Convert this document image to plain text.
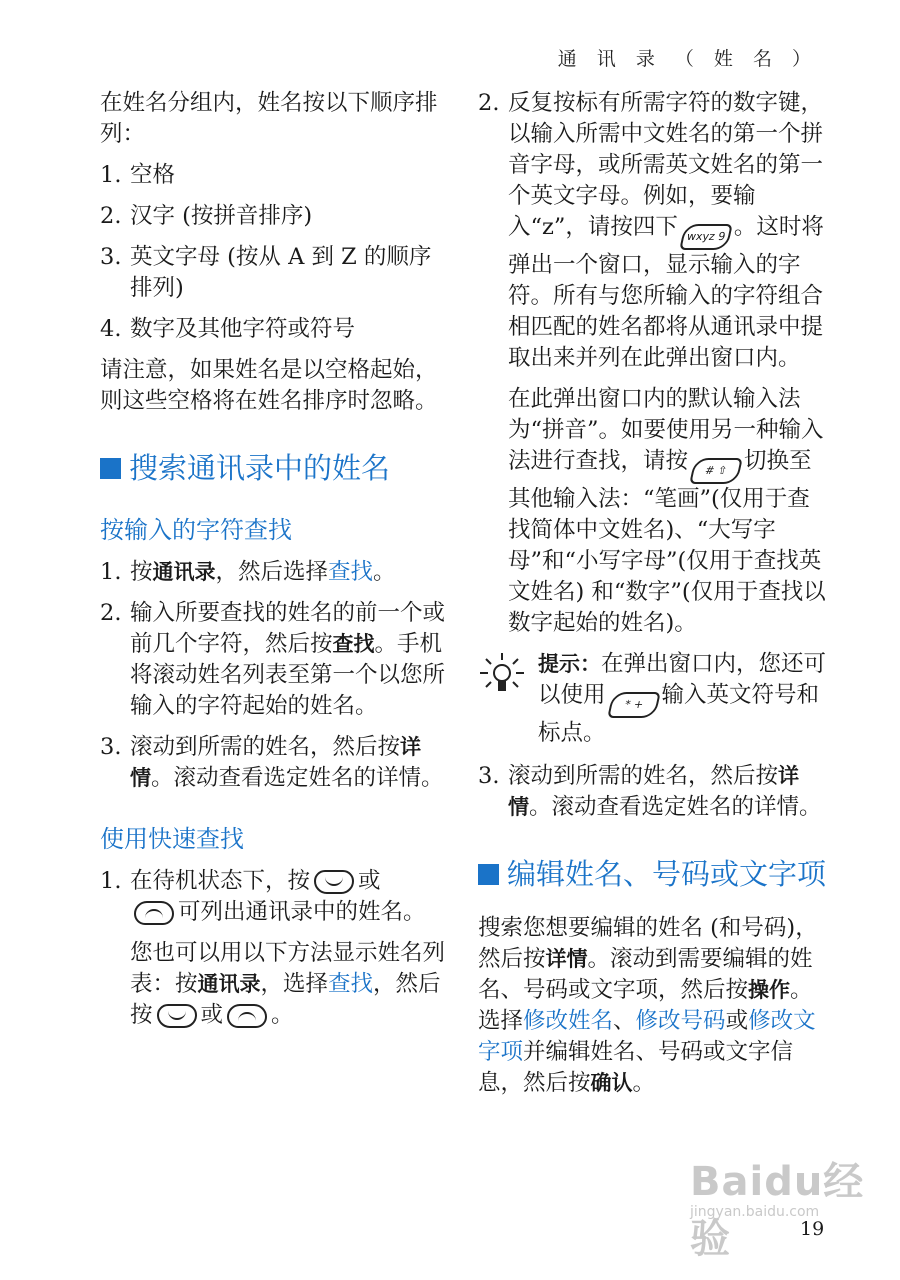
通 讯 录 （ 姓 名 ）

在姓名分组内，姓名按以下顺序排列：

1. 空格
2. 汉字 (按拼音排序)
3. 英文字母 (按从 A 到 Z 的顺序排列)
4. 数字及其他字符或符号

请注意，如果姓名是以空格起始，则这些空格将在姓名排序时忽略。

搜索通讯录中的姓名
按输入的字符查找
1. 按通讯录，然后选择查找。
2. 输入所要查找的姓名的前一个或前几个字符，然后按查找。手机将滚动姓名列表至第一个以您所输入的字符起始的姓名。
3. 滚动到所需的姓名，然后按详情。滚动查看选定姓名的详情。
使用快速查找
1. 在待机状态下，按 或
可列出通讯录中的姓名。

您也可以用以下方法显示姓名列表：按通讯录，选择查找，然后按 或 。

2. 反复按标有所需字符的数字键，以输入所需中文姓名的第一个拼音字母，或所需英文姓名的第一个英文字母。例如，要输入“z”，请按四下 wxyz 9 。这时将弹出一个窗口，显示输入的字符。所有与您所输入的字符组合相匹配的姓名都将从通讯录中提取出来并列在此弹出窗口内。

在此弹出窗口内的默认输入法为“拼音”。如要使用另一种输入法进行查找，请按 # ⇧ 切换至其他输入法：“笔画”(仅用于查找简体中文姓名)、“大写字母”和“小写字母”(仅用于查找英文姓名) 和“数字”(仅用于查找以数字起始的姓名)。

提示：在弹出窗口内，您还可以使用 * + 输入英文符号和标点。

3. 滚动到所需的姓名，然后按详情。滚动查看选定姓名的详情。
编辑姓名、号码或文字项

搜索您想要编辑的姓名 (和号码)，然后按详情。滚动到需要编辑的姓名、号码或文字项，然后按操作。选择修改姓名、修改号码或修改文字项并编辑姓名、号码或文字信息，然后按确认。

Baidu经验
jingyan.baidu.com
19
